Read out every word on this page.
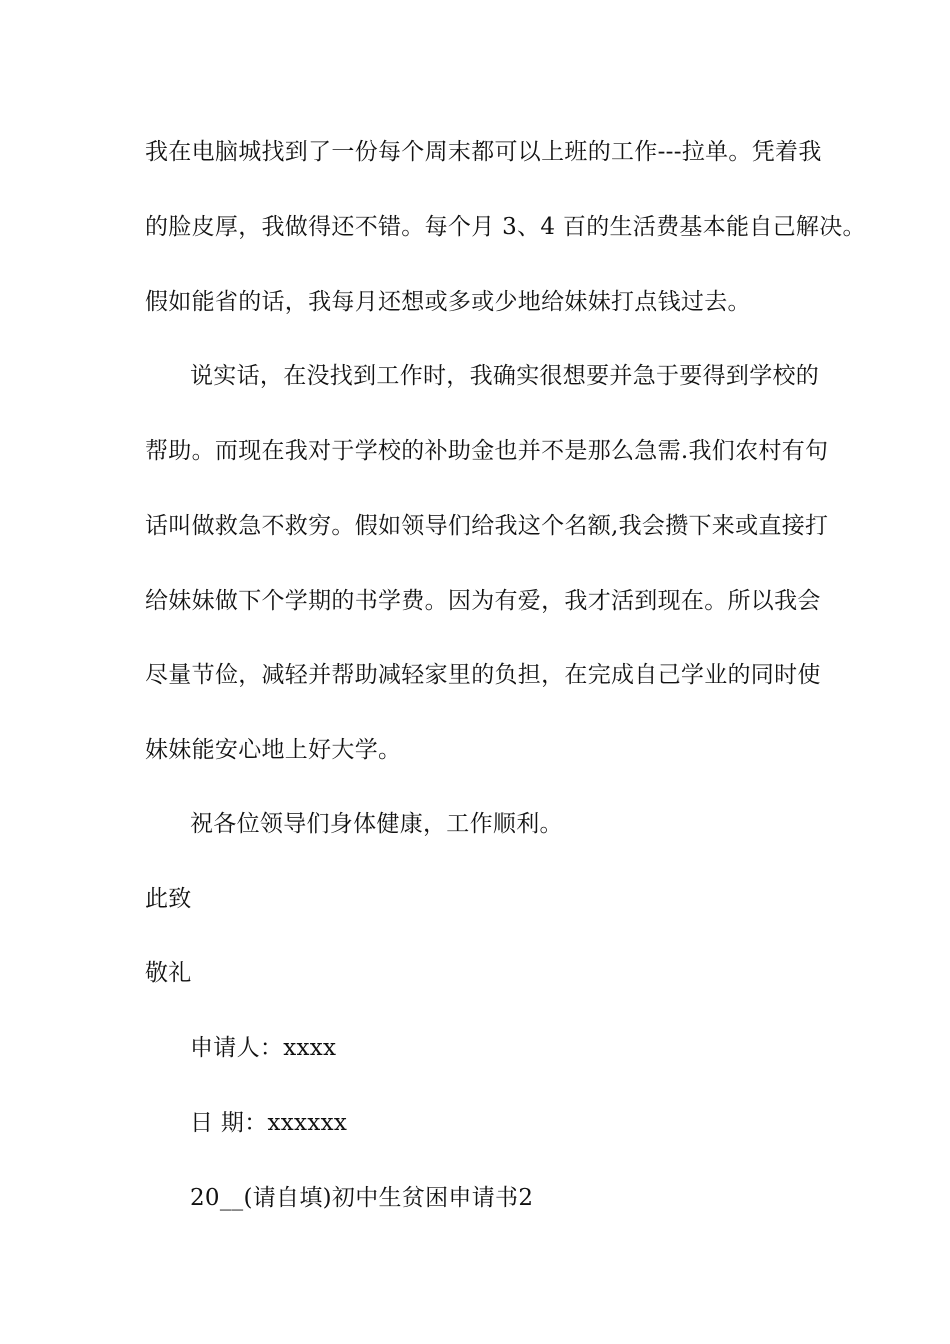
我在电脑城找到了一份每个周末都可以上班的工作---拉单。凭着我
的脸皮厚，我做得还不错。每个月 3、4 百的生活费基本能自己解决。
假如能省的话，我每月还想或多或少地给妹妹打点钱过去。
说实话，在没找到工作时，我确实很想要并急于要得到学校的
帮助。而现在我对于学校的补助金也并不是那么急需.我们农村有句
话叫做救急不救穷。假如领导们给我这个名额,我会攒下来或直接打
给妹妹做下个学期的书学费。因为有爱，我才活到现在。所以我会
尽量节俭，减轻并帮助减轻家里的负担，在完成自己学业的同时使
妹妹能安心地上好大学。
祝各位领导们身体健康，工作顺利。
此致
敬礼
申请人：xxxx
日 期：xxxxxx
20__(请自填)初中生贫困申请书2
